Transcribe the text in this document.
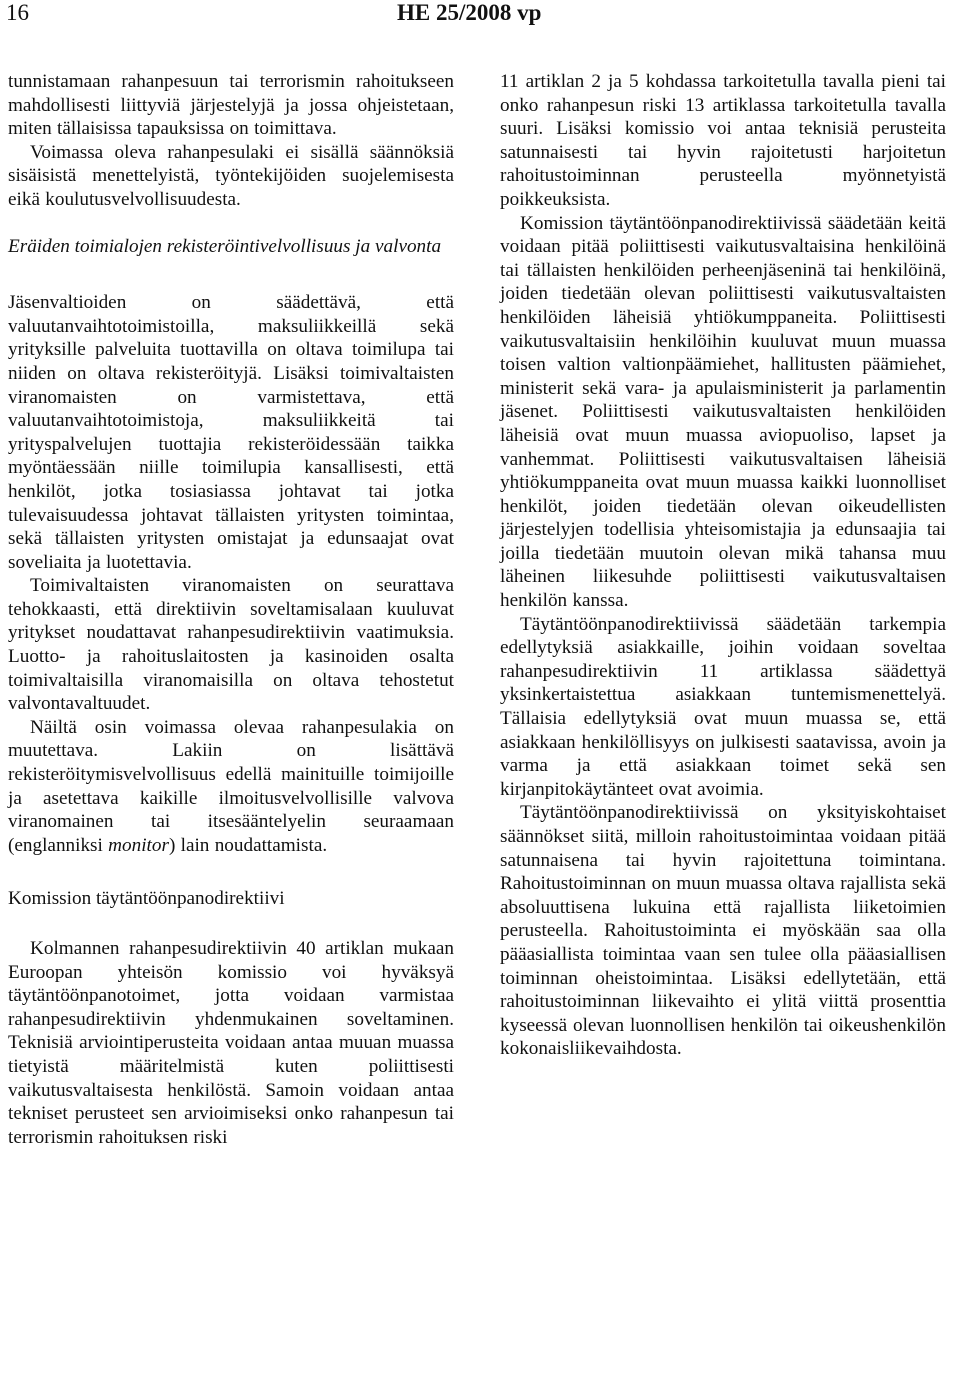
16	HE 25/2008 vp

tunnistamaan rahanpesuun tai terrorismin rahoitukseen mahdollisesti liittyviä järjestelyjä ja jossa ohjeistetaan, miten tällaisissa tapauksissa on toimittava.

Voimassa oleva rahanpesulaki ei sisällä säännöksiä sisäisistä menettelyistä, työntekijöiden suojelemisesta eikä koulutusvelvollisuudesta.

Eräiden toimialojen rekisteröintivelvollisuus ja valvonta

Jäsenvaltioiden on säädettävä, että valuutanvaihtotoimistoilla, maksuliikkeillä sekä yrityksille palveluita tuottavilla on oltava toimilupa tai niiden on oltava rekisteröityjä. Lisäksi toimivaltaisten viranomaisten on varmistettava, että valuutanvaihtotoimistoja, maksuliikkeitä tai yrityspalvelujen tuottajia rekisteröidessään taikka myöntäessään niille toimilupia kansallisesti, että henkilöt, jotka tosiasiassa johtavat tai jotka tulevaisuudessa johtavat tällaisten yritysten toimintaa, sekä tällaisten yritysten omistajat ja edunsaajat ovat soveliaita ja luotettavia.

Toimivaltaisten viranomaisten on seurattava tehokkaasti, että direktiivin soveltamisalaan kuuluvat yritykset noudattavat rahanpesudirektiivin vaatimuksia. Luotto- ja rahoituslaitosten ja kasinoiden osalta toimivaltaisilla viranomaisilla on oltava tehostetut valvontavaltuudet.

Näiltä osin voimassa olevaa rahanpesulakia on muutettava. Lakiin on lisättävä rekisteröitymisvelvollisuus edellä mainituille toimijoille ja asetettava kaikille ilmoitusvelvollisille valvova viranomainen tai itsesääntelyelin seuraamaan (englanniksi monitor) lain noudattamista.

Komission täytäntöönpanodirektiivi

Kolmannen rahanpesudirektiivin 40 artiklan mukaan Euroopan yhteisön komissio voi hyväksyä täytäntöönpanotoimet, jotta voidaan varmistaa rahanpesudirektiivin yhdenmukainen soveltaminen. Teknisiä arviointiperusteita voidaan antaa muuan muassa tietyistä määritelmistä kuten poliittisesti vaikutusvaltaisesta henkilöstä. Samoin voidaan antaa tekniset perusteet sen arvioimiseksi onko rahanpesun tai terrorismin rahoituksen riski

11 artiklan 2 ja 5 kohdassa tarkoitetulla tavalla pieni tai onko rahanpesun riski 13 artiklassa tarkoitetulla tavalla suuri. Lisäksi komissio voi antaa teknisiä perusteita satunnaisesti tai hyvin rajoitetusti harjoitetun rahoitustoiminnan perusteella myönnetyistä poikkeuksista.

Komission täytäntöönpanodirektiivissä säädetään keitä voidaan pitää poliittisesti vaikutusvaltaisina henkilöinä tai tällaisten henkilöiden perheenjäseninä tai henkilöinä, joiden tiedetään olevan poliittisesti vaikutusvaltaisten henkilöiden läheisiä yhtiökumppaneita. Poliittisesti vaikutusvaltaisiin henkilöihin kuuluvat muun muassa toisen valtion valtionpäämiehet, hallitusten päämiehet, ministerit sekä vara- ja apulaisministerit ja parlamentin jäsenet. Poliittisesti vaikutusvaltaisten henkilöiden läheisiä ovat muun muassa aviopuoliso, lapset ja vanhemmat. Poliittisesti vaikutusvaltaisen läheisiä yhtiökumppaneita ovat muun muassa kaikki luonnolliset henkilöt, joiden tiedetään olevan oikeudellisten järjestelyjen todellisia yhteisomistajia ja edunsaajia tai joilla tiedetään muutoin olevan mikä tahansa muu läheinen liikesuhde poliittisesti vaikutusvaltaisen henkilön kanssa.

Täytäntöönpanodirektiivissä säädetään tarkempia edellytyksiä asiakkaille, joihin voidaan soveltaa rahanpesudirektiivin 11 artiklassa säädettyä yksinkertaistettua asiakkaan tuntemismenettelyä. Tällaisia edellytyksiä ovat muun muassa se, että asiakkaan henkilöllisyys on julkisesti saatavissa, avoin ja varma ja että asiakkaan toimet sekä sen kirjanpitokäytänteet ovat avoimia.

Täytäntöönpanodirektiivissä on yksityiskohtaiset säännökset siitä, milloin rahoitustoimintaa voidaan pitää satunnaisena tai hyvin rajoitettuna toimintana. Rahoitustoiminnan on muun muassa oltava rajallista sekä absoluuttisena lukuina että rajallista liiketoimien perusteella. Rahoitustoiminta ei myöskään saa olla pääasiallista toimintaa vaan sen tulee olla pääasiallisen toiminnan oheistoimintaa. Lisäksi edellytetään, että rahoitustoiminnan liikevaihto ei ylitä viittä prosenttia kyseessä olevan luonnollisen henkilön tai oikeushenkilön kokonaisliikevaihdosta.
